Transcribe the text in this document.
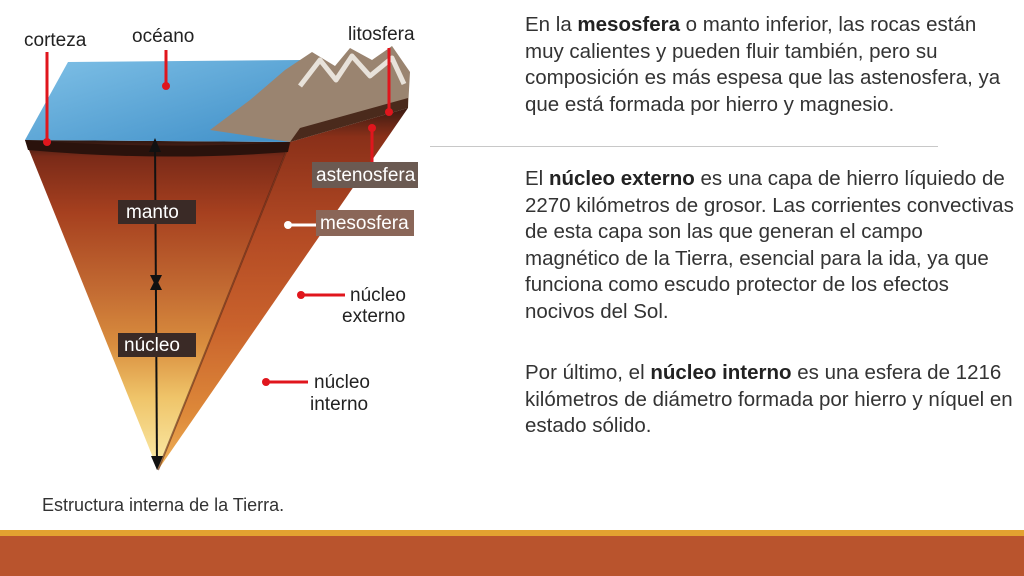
corteza océano	litosfera
astenosfera
mesosfera
manto
núcleo
núcleo
externo
núcleo
interno
Estructura interna de la Tierra.

En la mesosfera o manto inferior, las rocas están muy calientes y pueden fluir también, pero su composición es más espesa que las astenosfera, ya que está formada por hierro y magnesio.

El núcleo externo es una capa de hierro líquiedo de 2270 kilómetros de grosor. Las corrientes convectivas de esta capa son las que generan el campo magnético de la Tierra, esencial para la ida, ya que funciona como escudo protector de los efectos nocivos del Sol.

Por último, el núcleo interno es una esfera de 1216 kilómetros de diámetro formada por hierro y níquel en estado sólido.
